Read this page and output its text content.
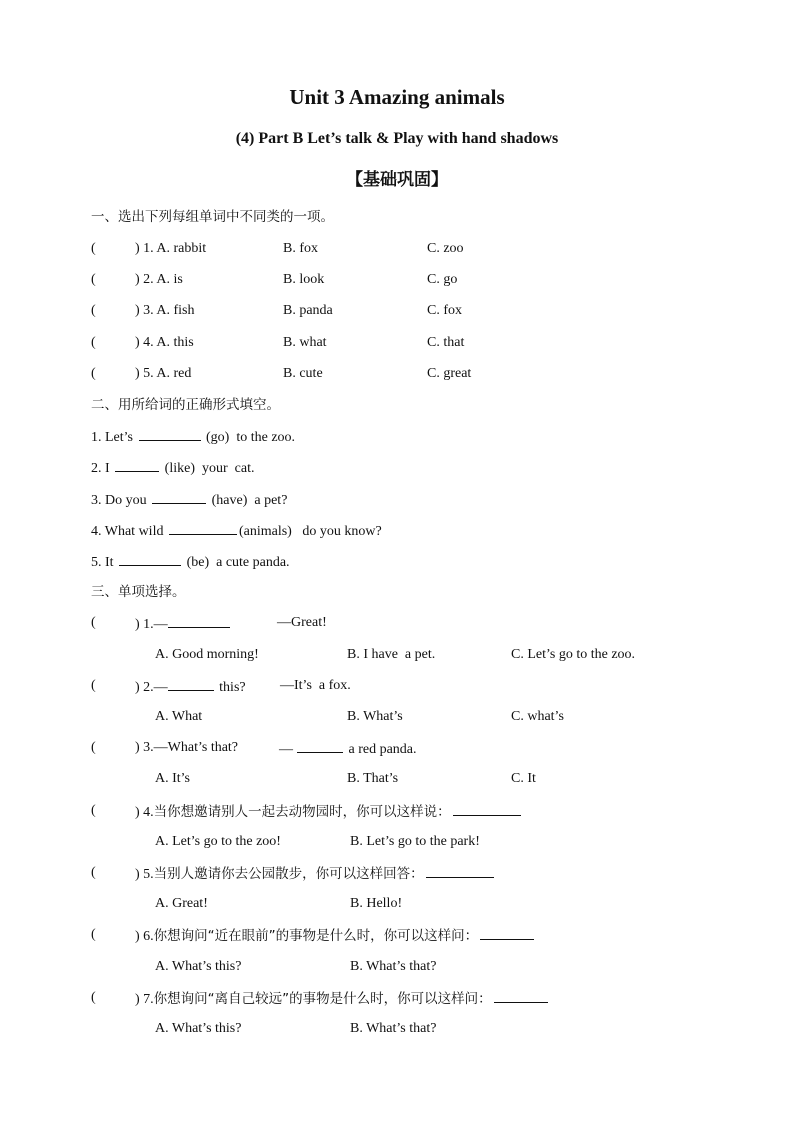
Unit 3 Amazing animals
(4) Part B Let’s talk & Play with hand shadows
【基础巩固】
一、选出下列每组单词中不同类的一项。
(	) 1. A. rabbit	B. fox	C. zoo
(	) 2. A. is	B. look	C. go
(	) 3. A. fish	B. panda	C. fox
(	) 4. A. this	B. what	C. that
(	) 5. A. red	B. cute	C. great
二、用所给词的正确形式填空。
1. Let’s	(go)  to the zoo.
2. I	(like)  your  cat.
3. Do you	(have)  a pet?
4. What wild	(animals)   do you know?
5. It	(be)  a cute panda.
三、单项选择。
(	) 1.—	—Great!
A. Good morning!	B. I have  a pet.	C. Let’s go to the zoo.
(	) 2.—	this? —It’s  a fox.
A. What	B. What’s	C. what’s
(	) 3.—What’s that?	—	a red panda.
A. It’s	B. That’s	C. It
(	) 4.当你想邀请别人一起去动物园时，你可以这样说：
A. Let’s go to the zoo!	B. Let’s go to the park!
(	) 5.当别人邀请你去公园散步，你可以这样回答：
A. Great!	B. Hello!
(	) 6.你想询问“近在眼前”的事物是什么时，你可以这样问：
A. What’s this?	B. What’s that?
(	) 7.你想询问“离自己较远”的事物是什么时，你可以这样问：
A. What’s this?	B. What’s that?
